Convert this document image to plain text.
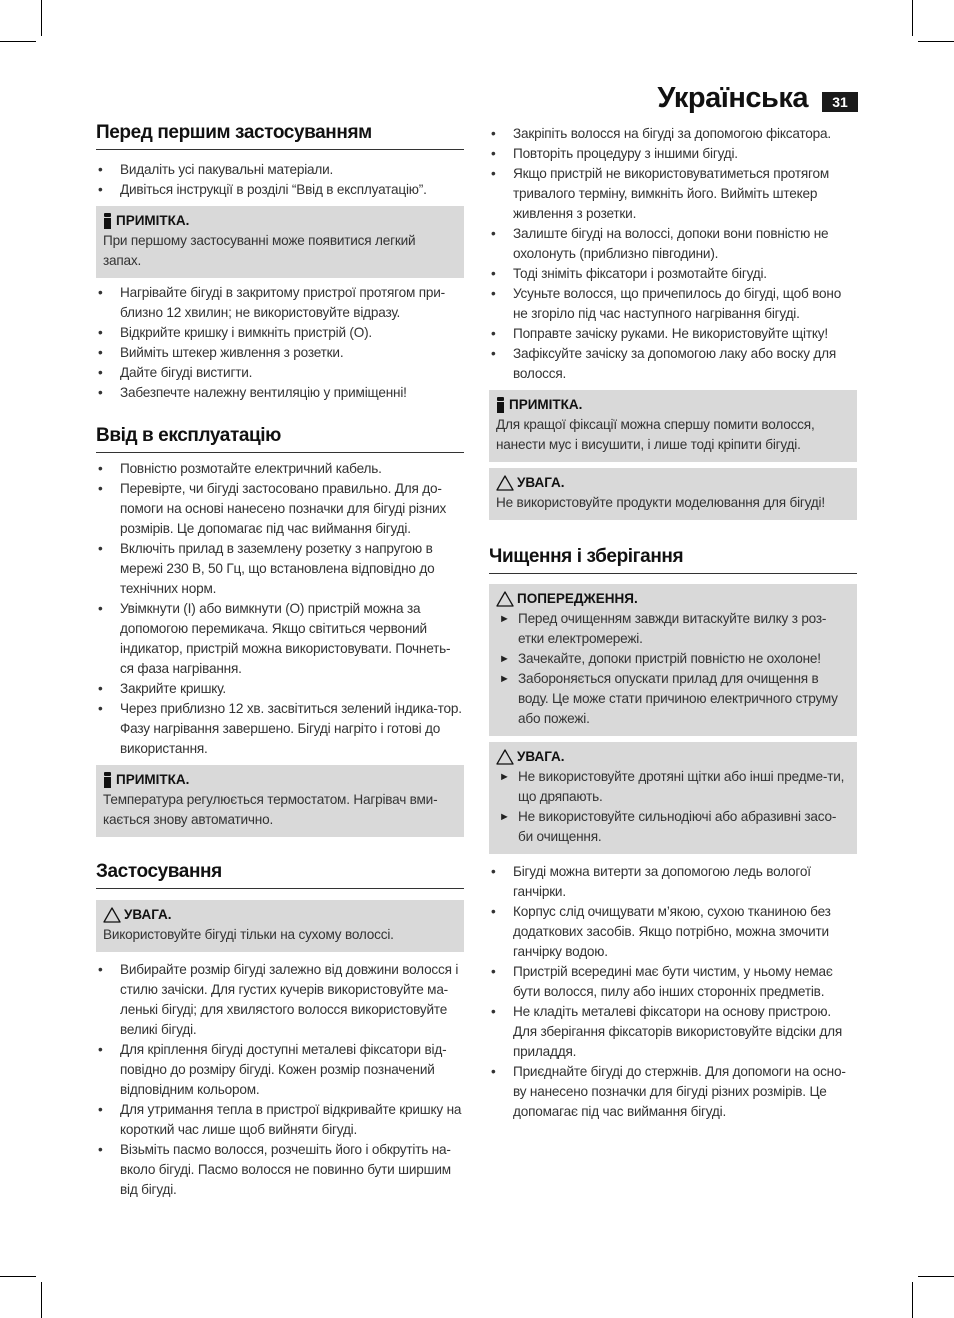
Українська	31
Перед першим застосуванням
• Видаліть усі пакувальні матеріали.
• Дивіться інструкції в розділі “Ввід в експлуатацію”.
ПРИМІТКА.
При першому застосуванні може появитися легкий запах.
• Нагрівайте бігуді в закритому пристрої протягом при-близно 12 хвилин; не використовуйте відразу.
• Відкрийте кришку і вимкніть пристрій (O).
• Вийміть штекер живлення з розетки.
• Дайте бігуді вистигти.
• Забезпечте належну вентиляцію у приміщенні!
Ввід в експлуатацію
• Повністю розмотайте електричний кабель.
• Перевірте, чи бігуді застосовано правильно. Для до-помоги на основі нанесено позначки для бігуді різних розмірів. Це допомагає під час виймання бігуді.
• Включіть прилад в заземлену розетку з напругою в мережі 230 В, 50 Гц, що встановлена відповідно до технічних норм.
• Увімкнути (I) або вимкнути (O) пристрій можна за допомогою перемикача. Якщо світиться червоний індикатор, пристрій можна використовувати. Почнеть-ся фаза нагрівання.
• Закрийте кришку.
• Через приблизно 12 хв. засвітиться зелений індика-тор. Фазу нагрівання завершено. Бігуді нагріто і готові до використання.
ПРИМІТКА.
Температура регулюється термостатом. Нагрівач вми-кається знову автоматично.
Застосування
УВАГА.
Використовуйте бігуді тільки на сухому волоссі.
• Вибирайте розмір бігуді залежно від довжини волосся і стилю зачіски. Для густих кучерів використовуйте ма-ленькі бігуді; для хвилястого волосся використовуйте великі бігуді.
• Для кріплення бігуді доступні металеві фіксатори від-повідно до розміру бігуді. Кожен розмір позначений відповідним кольором.
• Для утримання тепла в пристрої відкривайте кришку на короткий час лише щоб вийняти бігуді.
• Візьміть пасмо волосся, розчешіть його і обкрутіть на-вколо бігуді. Пасмо волосся не повинно бути ширшим від бігуді.
• Закріпіть волосся на бігуді за допомогою фіксатора.
• Повторіть процедуру з іншими бігуді.
• Якщо пристрій не використовуватиметься протягом тривалого терміну, вимкніть його. Вийміть штекер живлення з розетки.
• Залиште бігуді на волоссі, допоки вони повністю не охолонуть (приблизно півгодини).
• Тоді зніміть фіксатори і розмотайте бігуді.
• Усуньте волосся, що причепилось до бігуді, щоб воно не згоріло під час наступного нагрівання бігуді.
• Поправте зачіску руками. Не використовуйте щітку!
• Зафіксуйте зачіску за допомогою лаку або воску для волосся.
ПРИМІТКА.
Для кращої фіксації можна спершу помити волосся, нанести мус і висушити, і лише тоді кріпити бігуді.
УВАГА.
Не використовуйте продукти моделювання для бігуді!
Чищення і зберігання
ПОПЕРЕДЖЕННЯ.
► Перед очищенням завжди витаскуйте вилку з роз-етки електромережі.
► Зачекайте, допоки пристрій повністю не охолоне!
► Забороняється опускати прилад для очищення в воду. Це може стати причиною електричного струму або пожежі.
УВАГА.
► Не використовуйте дротяні щітки або інші предме-ти, що дряпають.
► Не використовуйте сильнодіючі або абразивні засо-би очищення.
• Бігуді можна витерти за допомогою ледь вологої ганчірки.
• Корпус слід очищувати м’якою, сухою тканиною без додаткових засобів. Якщо потрібно, можна змочити ганчірку водою.
• Пристрій всередині має бути чистим, у ньому немає бути волосся, пилу або інших сторонніх предметів.
• Не кладіть металеві фіксатори на основу пристрою. Для зберігання фіксаторів використовуйте відсіки для приладдя.
• Приєднайте бігуді до стержнів. Для допомоги на осно-ву нанесено позначки для бігуді різних розмірів. Це допомагає під час виймання бігуді.
